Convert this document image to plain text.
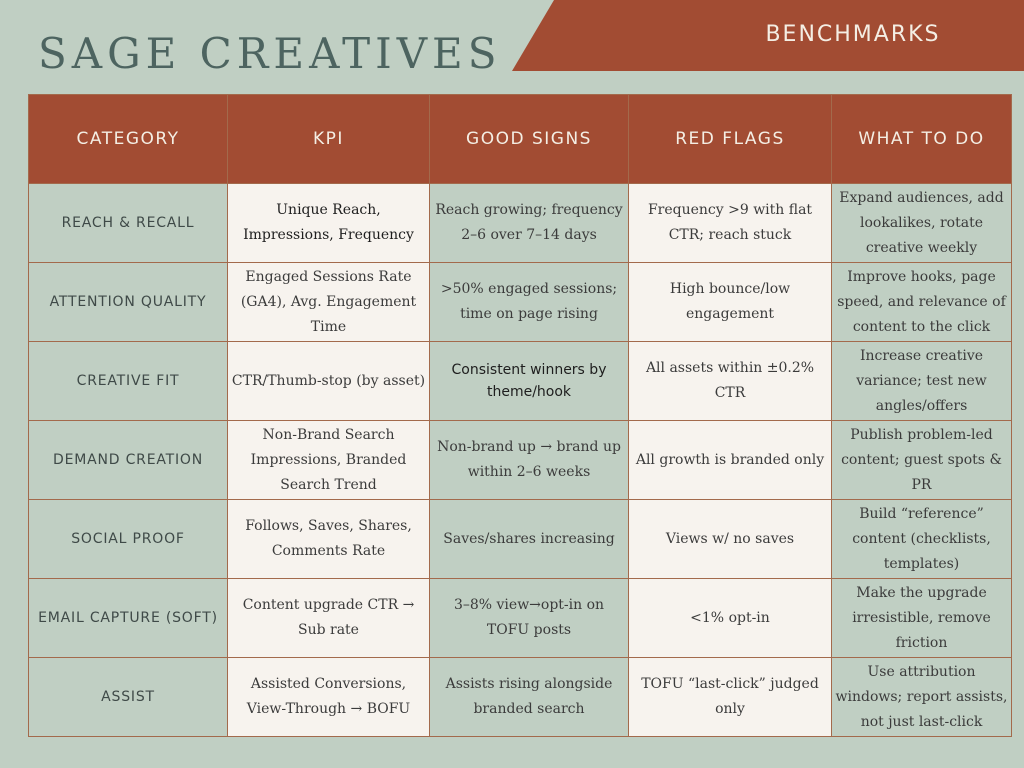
SAGE CREATIVES	BENCHMARKS
CATEGORY	KPI	GOOD SIGNS	RED FLAGS	WHAT TO DO
REACH & RECALL	Unique Reach, Impressions, Frequency	Reach growing; frequency 2–6 over 7–14 days	Frequency >9 with flat CTR; reach stuck	Expand audiences, add lookalikes, rotate creative weekly
ATTENTION QUALITY	Engaged Sessions Rate (GA4), Avg. Engagement Time	>50% engaged sessions; time on page rising	High bounce/low engagement	Improve hooks, page speed, and relevance of content to the click
CREATIVE FIT	CTR/Thumb-stop (by asset)	Consistent winners by theme/hook	All assets within ±0.2% CTR	Increase creative variance; test new angles/offers
DEMAND CREATION	Non-Brand Search Impressions, Branded Search Trend	Non-brand up → brand up within 2–6 weeks	All growth is branded only	Publish problem-led content; guest spots & PR
SOCIAL PROOF	Follows, Saves, Shares, Comments Rate	Saves/shares increasing	Views w/ no saves	Build “reference” content (checklists, templates)
EMAIL CAPTURE (SOFT)	Content upgrade CTR → Sub rate	3–8% view→opt-in on TOFU posts	<1% opt-in	Make the upgrade irresistible, remove friction
ASSIST	Assisted Conversions, View-Through → BOFU	Assists rising alongside branded search	TOFU “last-click” judged only	Use attribution windows; report assists, not just last-click
